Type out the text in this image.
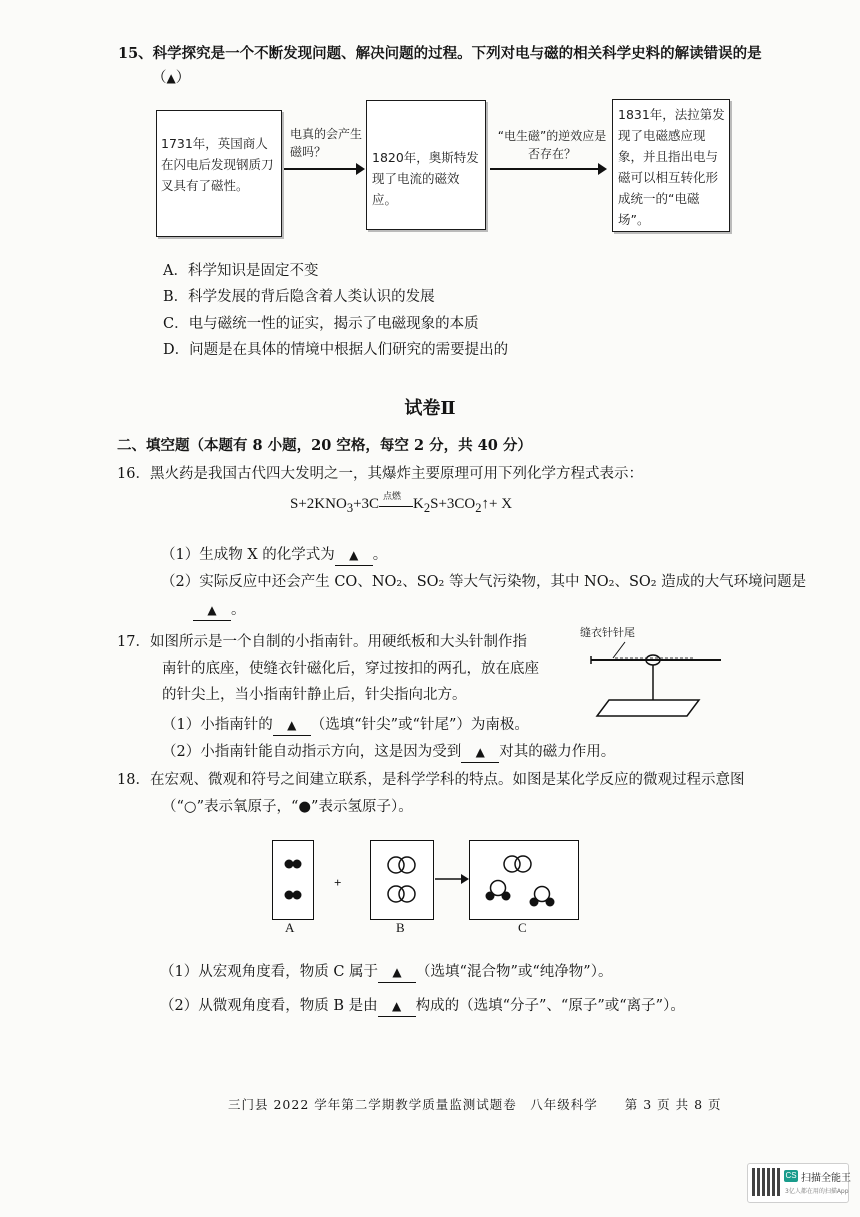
15、科学探究是一个不断发现问题、解决问题的过程。下列对电与磁的相关科学史料的解读错误的是
（▲）
1731年，英国商人在闪电后发现钢质刀叉具有了磁性。
电真的会产生磁吗？	1820年，奥斯特发现了电流的磁效应。
“电生磁”的逆效应是否存在？
1831年，法拉第发现了电磁感应现象，并且指出电与磁可以相互转化形成统一的“电磁场”。
A．科学知识是固定不变
B．科学发展的背后隐含着人类认识的发展
C．电与磁统一性的证实，揭示了电磁现象的本质
D．问题是在具体的情境中根据人们研究的需要提出的
试卷Ⅱ
二、填空题（本题有 8 小题，20 空格，每空 2 分，共 40 分）
16．黑火药是我国古代四大发明之一，其爆炸主要原理可用下列化学方程式表示：
$S+2KNO_3+3C$
点燃
$K_2S+3CO_2↑+ X$
（1）生成物 X 的化学式为 ▲ 。
（2）实际反应中还会产生 CO、NO₂、SO₂ 等大气污染物，其中 NO₂、SO₂ 造成的大气环境问题是
▲ 。
17．如图所示是一个自制的小指南针。用硬纸板和大头针制作指
南针的底座，使缝衣针磁化后，穿过按扣的两孔，放在底座
的针尖上，当小指南针静止后，针尖指向北方。
缝衣针针尾
（1）小指南针的 ▲ （选填“针尖”或“针尾”）为南极。
（2）小指南针能自动指示方向，这是因为受到 ▲ 对其的磁力作用。
18．在宏观、微观和符号之间建立联系，是科学学科的特点。如图是某化学反应的微观过程示意图
（“○”表示氧原子，“●”表示氢原子）。
+
A	B	C
（1）从宏观角度看，物质 C 属于 ▲ （选填“混合物”或“纯净物”）。
（2）从微观角度看，物质 B 是由 ▲ 构成的（选填“分子”、“原子”或“离子”）。
三门县 2022 学年第二学期教学质量监测试题卷　八年级科学　　第 3 页 共 8 页
CS 扫描全能王
3亿人都在用的扫描App
